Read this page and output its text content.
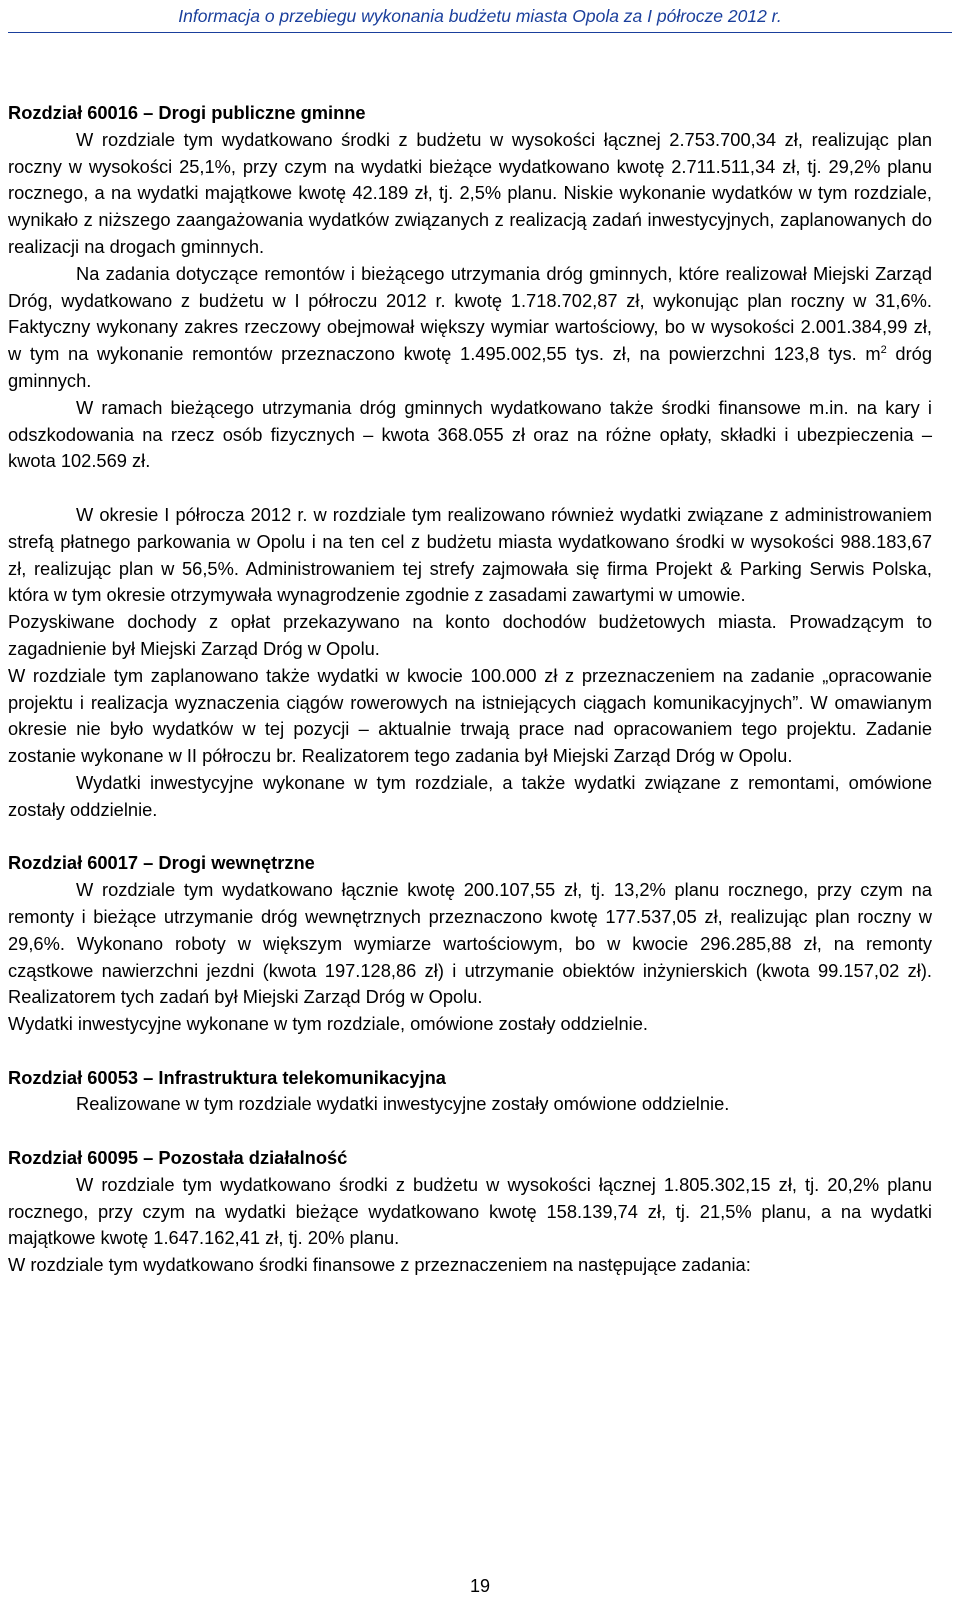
Informacja o przebiegu wykonania budżetu miasta Opola za I półrocze 2012 r.

Rozdział 60016 – Drogi publiczne gminne

W rozdziale tym wydatkowano środki z budżetu w wysokości łącznej 2.753.700,34 zł, realizując plan roczny w wysokości 25,1%, przy czym na wydatki bieżące wydatkowano kwotę 2.711.511,34 zł, tj. 29,2% planu rocznego, a na wydatki majątkowe kwotę 42.189 zł, tj. 2,5% planu. Niskie wykonanie wydatków w tym rozdziale, wynikało z niższego zaangażowania wydatków związanych z realizacją zadań inwestycyjnych, zaplanowanych do realizacji na drogach gminnych.

Na zadania dotyczące remontów i bieżącego utrzymania dróg gminnych, które realizował Miejski Zarząd Dróg, wydatkowano z budżetu w I półroczu 2012 r. kwotę 1.718.702,87 zł, wykonując plan roczny w 31,6%. Faktyczny wykonany zakres rzeczowy obejmował większy wymiar wartościowy, bo w wysokości 2.001.384,99 zł, w tym na wykonanie remontów przeznaczono kwotę 1.495.002,55 tys. zł, na powierzchni 123,8 tys. $m^2$ dróg gminnych.

W ramach bieżącego utrzymania dróg gminnych wydatkowano także środki finansowe m.in. na kary i odszkodowania na rzecz osób fizycznych – kwota 368.055 zł oraz na różne opłaty, składki i ubezpieczenia – kwota 102.569 zł.

W okresie I półrocza 2012 r. w rozdziale tym realizowano również wydatki związane z administrowaniem strefą płatnego parkowania w Opolu i na ten cel z budżetu miasta wydatkowano środki w wysokości 988.183,67 zł, realizując plan w 56,5%. Administrowaniem tej strefy zajmowała się firma Projekt & Parking Serwis Polska, która w tym okresie otrzymywała wynagrodzenie zgodnie z zasadami zawartymi w umowie.

Pozyskiwane dochody z opłat przekazywano na konto dochodów budżetowych miasta. Prowadzącym to zagadnienie był Miejski Zarząd Dróg w Opolu.

W rozdziale tym zaplanowano także wydatki w kwocie 100.000 zł z przeznaczeniem na zadanie „opracowanie projektu i realizacja wyznaczenia ciągów rowerowych na istniejących ciągach komunikacyjnych”. W omawianym okresie nie było wydatków w tej pozycji – aktualnie trwają prace nad opracowaniem tego projektu. Zadanie zostanie wykonane w II półroczu br. Realizatorem tego zadania był Miejski Zarząd Dróg w Opolu.

Wydatki inwestycyjne wykonane w tym rozdziale, a także wydatki związane z remontami, omówione zostały oddzielnie.

Rozdział 60017 – Drogi wewnętrzne

W rozdziale tym wydatkowano łącznie kwotę 200.107,55 zł, tj. 13,2% planu rocznego, przy czym na remonty i bieżące utrzymanie dróg wewnętrznych przeznaczono kwotę 177.537,05 zł, realizując plan roczny w 29,6%. Wykonano roboty w większym wymiarze wartościowym, bo w kwocie 296.285,88 zł, na remonty cząstkowe nawierzchni jezdni (kwota 197.128,86 zł) i utrzymanie obiektów inżynierskich (kwota 99.157,02 zł). Realizatorem tych zadań był Miejski Zarząd Dróg w Opolu.

Wydatki inwestycyjne wykonane w tym rozdziale, omówione zostały oddzielnie.

Rozdział 60053 – Infrastruktura telekomunikacyjna

Realizowane w tym rozdziale wydatki inwestycyjne zostały omówione oddzielnie.

Rozdział 60095 – Pozostała działalność

W rozdziale tym wydatkowano środki z budżetu w wysokości łącznej 1.805.302,15 zł, tj. 20,2% planu rocznego, przy czym na wydatki bieżące wydatkowano kwotę 158.139,74 zł, tj. 21,5% planu, a na wydatki majątkowe kwotę 1.647.162,41 zł, tj. 20% planu.

W rozdziale tym wydatkowano środki finansowe z przeznaczeniem na następujące zadania:

19
